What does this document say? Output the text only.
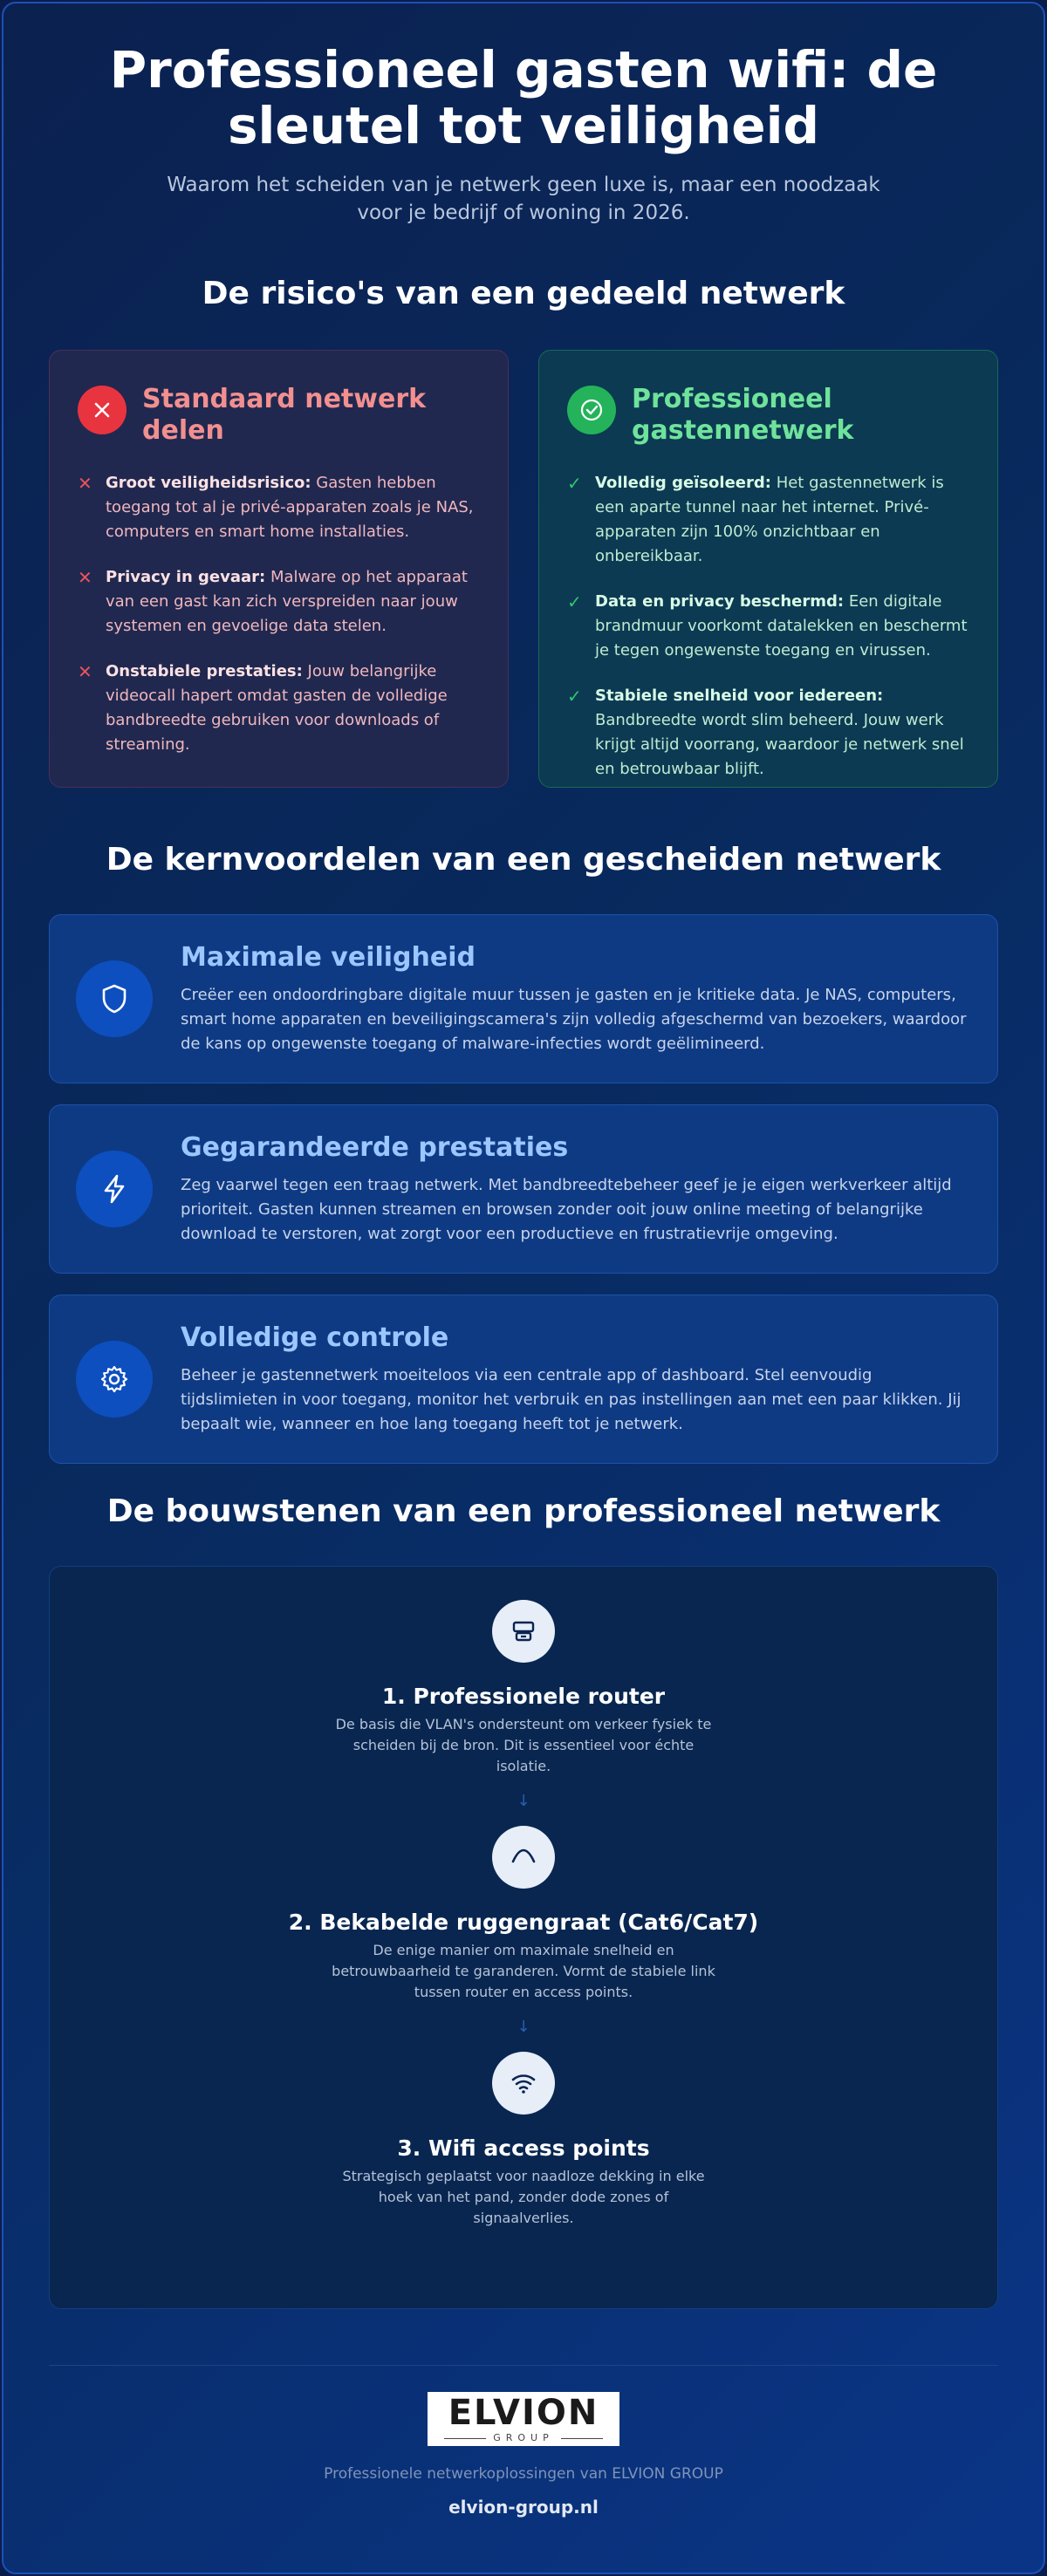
Professioneel gasten wifi: de sleutel tot veiligheid

Waarom het scheiden van je netwerk geen luxe is, maar een noodzaak voor je bedrijf of woning in 2026.

De risico's van een gedeeld netwerk
Standaard netwerk delen
✕ Groot veiligheidsrisico: Gasten hebben toegang tot al je privé-apparaten zoals je NAS, computers en smart home installaties.
✕ Privacy in gevaar: Malware op het apparaat van een gast kan zich verspreiden naar jouw systemen en gevoelige data stelen.
✕ Onstabiele prestaties: Jouw belangrijke videocall hapert omdat gasten de volledige bandbreedte gebruiken voor downloads of streaming.
Professioneel gastennetwerk
✓ Volledig geïsoleerd: Het gastennetwerk is een aparte tunnel naar het internet. Privé-apparaten zijn 100% onzichtbaar en onbereikbaar.
✓ Data en privacy beschermd: Een digitale brandmuur voorkomt datalekken en beschermt je tegen ongewenste toegang en virussen.
✓ Stabiele snelheid voor iedereen: Bandbreedte wordt slim beheerd. Jouw werk krijgt altijd voorrang, waardoor je netwerk snel en betrouwbaar blijft.
De kernvoordelen van een gescheiden netwerk
Maximale veiligheid
Creëer een ondoordringbare digitale muur tussen je gasten en je kritieke data. Je NAS, computers, smart home apparaten en beveiligingscamera's zijn volledig afgeschermd van bezoekers, waardoor de kans op ongewenste toegang of malware-infecties wordt geëlimineerd.
Gegarandeerde prestaties
Zeg vaarwel tegen een traag netwerk. Met bandbreedtebeheer geef je je eigen werkverkeer altijd prioriteit. Gasten kunnen streamen en browsen zonder ooit jouw online meeting of belangrijke download te verstoren, wat zorgt voor een productieve en frustratievrije omgeving.
Volledige controle
Beheer je gastennetwerk moeiteloos via een centrale app of dashboard. Stel eenvoudig tijdslimieten in voor toegang, monitor het verbruik en pas instellingen aan met een paar klikken. Jij bepaalt wie, wanneer en hoe lang toegang heeft tot je netwerk.
De bouwstenen van een professioneel netwerk
1. Professionele router
De basis die VLAN's ondersteunt om verkeer fysiek te scheiden bij de bron. Dit is essentieel voor échte isolatie.
↓
2. Bekabelde ruggengraat (Cat6/Cat7)
De enige manier om maximale snelheid en betrouwbaarheid te garanderen. Vormt de stabiele link tussen router en access points.
↓
3. Wifi access points
Strategisch geplaatst voor naadloze dekking in elke hoek van het pand, zonder dode zones of signaalverlies.
ELVION
GROUP
Professionele netwerkoplossingen van ELVION GROUP
elvion-group.nl
